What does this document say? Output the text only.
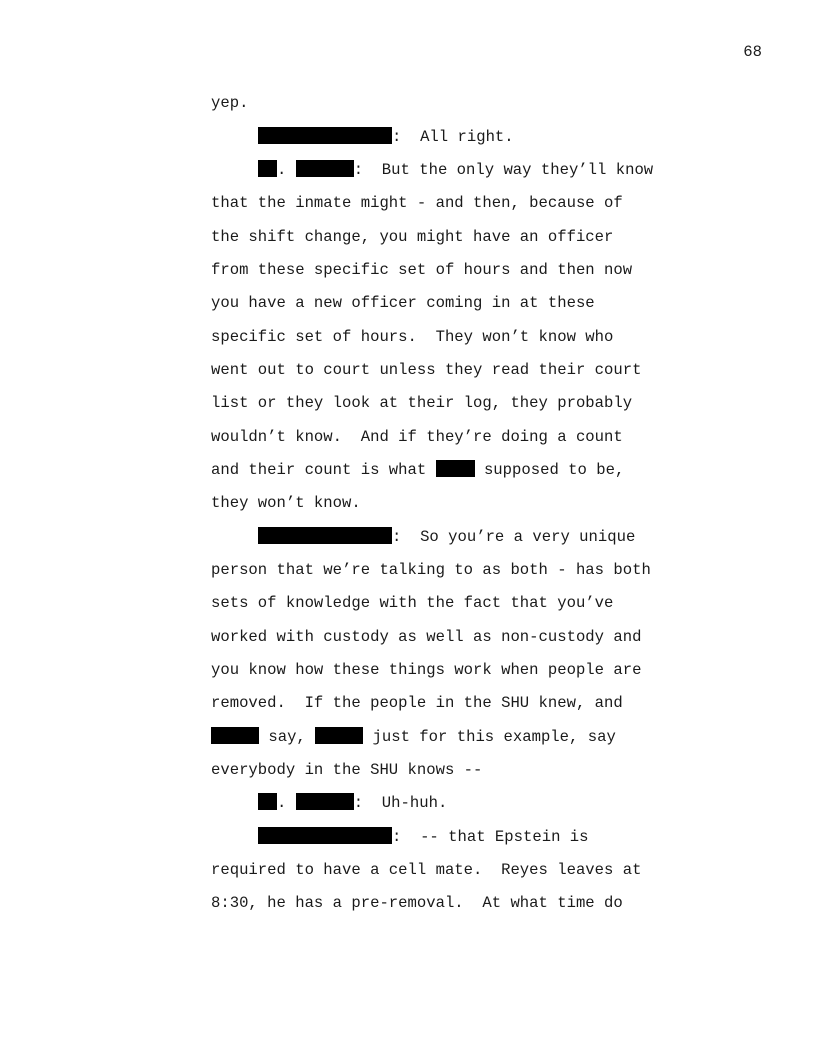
68

yep.

:  All right.

.	:  But the only way they’ll know

that the inmate might - and then, because of
the shift change, you might have an officer
from these specific set of hours and then now
you have a new officer coming in at these
specific set of hours.  They won’t know who
went out to court unless they read their court
list or they look at their log, they probably
wouldn’t know.  And if they’re doing a count

and their count is what	supposed to be,

they won’t know.

:  So you’re a very unique

person that we’re talking to as both - has both
sets of knowledge with the fact that you’ve
worked with custody as well as non-custody and
you know how these things work when people are
removed.  If the people in the SHU knew, and

say,	just for this example, say

everybody in the SHU knows --

.	:  Uh-huh.

:  -- that Epstein is

required to have a cell mate.  Reyes leaves at
8:30, he has a pre-removal.  At what time do
